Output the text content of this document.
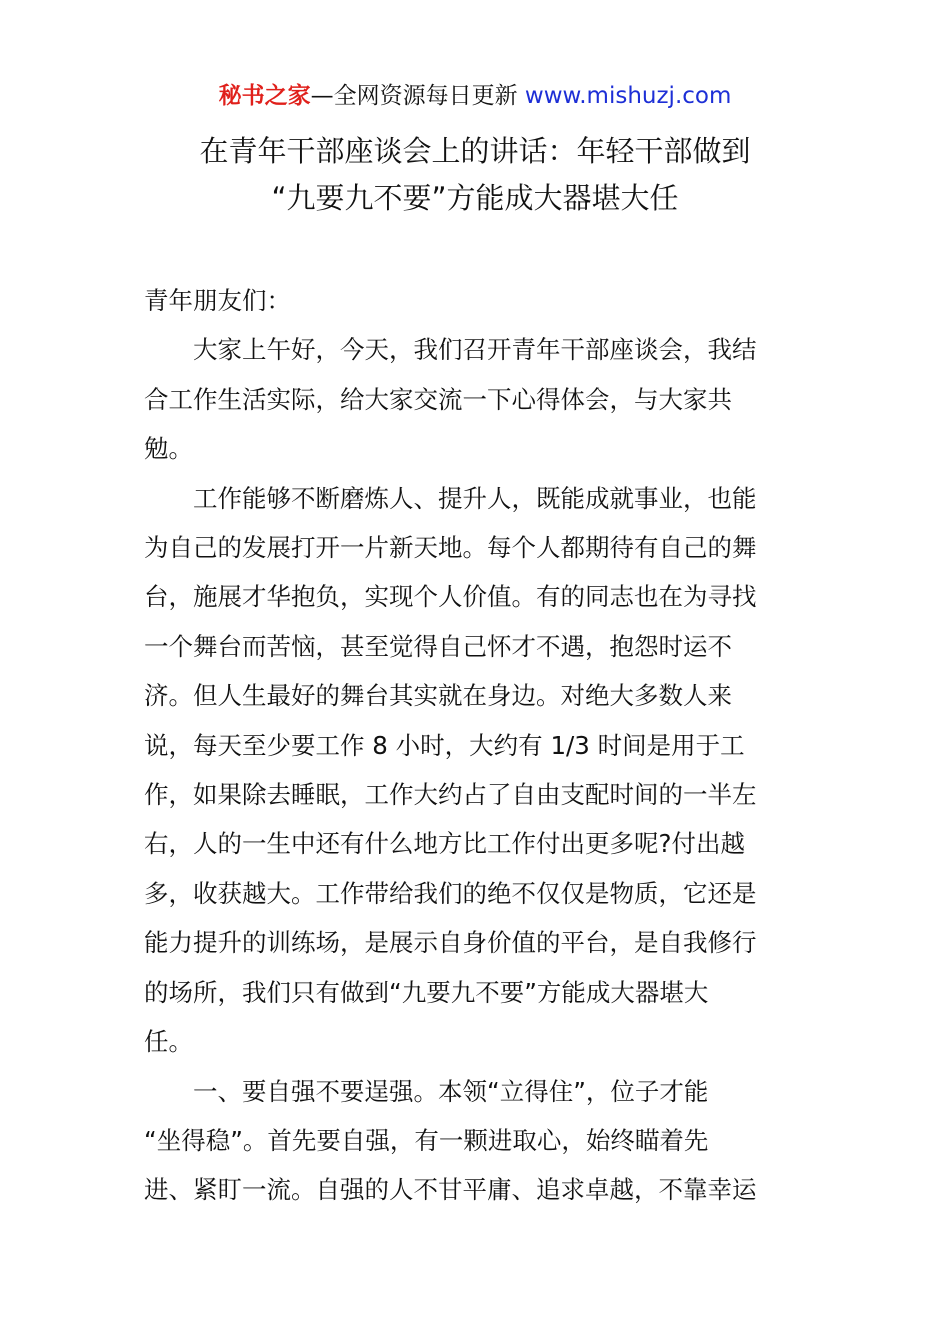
秘书之家—全网资源每日更新 www.mishuzj.com
在青年干部座谈会上的讲话：年轻干部做到
“九要九不要”方能成大器堪大任

青年朋友们：

大家上午好，今天，我们召开青年干部座谈会，我结

合工作生活实际，给大家交流一下心得体会，与大家共

勉。

工作能够不断磨炼人、提升人，既能成就事业，也能

为自己的发展打开一片新天地。每个人都期待有自己的舞

台，施展才华抱负，实现个人价值。有的同志也在为寻找

一个舞台而苦恼，甚至觉得自己怀才不遇，抱怨时运不

济。但人生最好的舞台其实就在身边。对绝大多数人来

说，每天至少要工作 8 小时，大约有 1/3 时间是用于工

作，如果除去睡眠，工作大约占了自由支配时间的一半左

右，人的一生中还有什么地方比工作付出更多呢?付出越

多，收获越大。工作带给我们的绝不仅仅是物质，它还是

能力提升的训练场，是展示自身价值的平台，是自我修行

的场所，我们只有做到“九要九不要”方能成大器堪大

任。

一、要自强不要逞强。本领“立得住”，位子才能

“坐得稳”。首先要自强，有一颗进取心，始终瞄着先

进、紧盯一流。自强的人不甘平庸、追求卓越，不靠幸运
